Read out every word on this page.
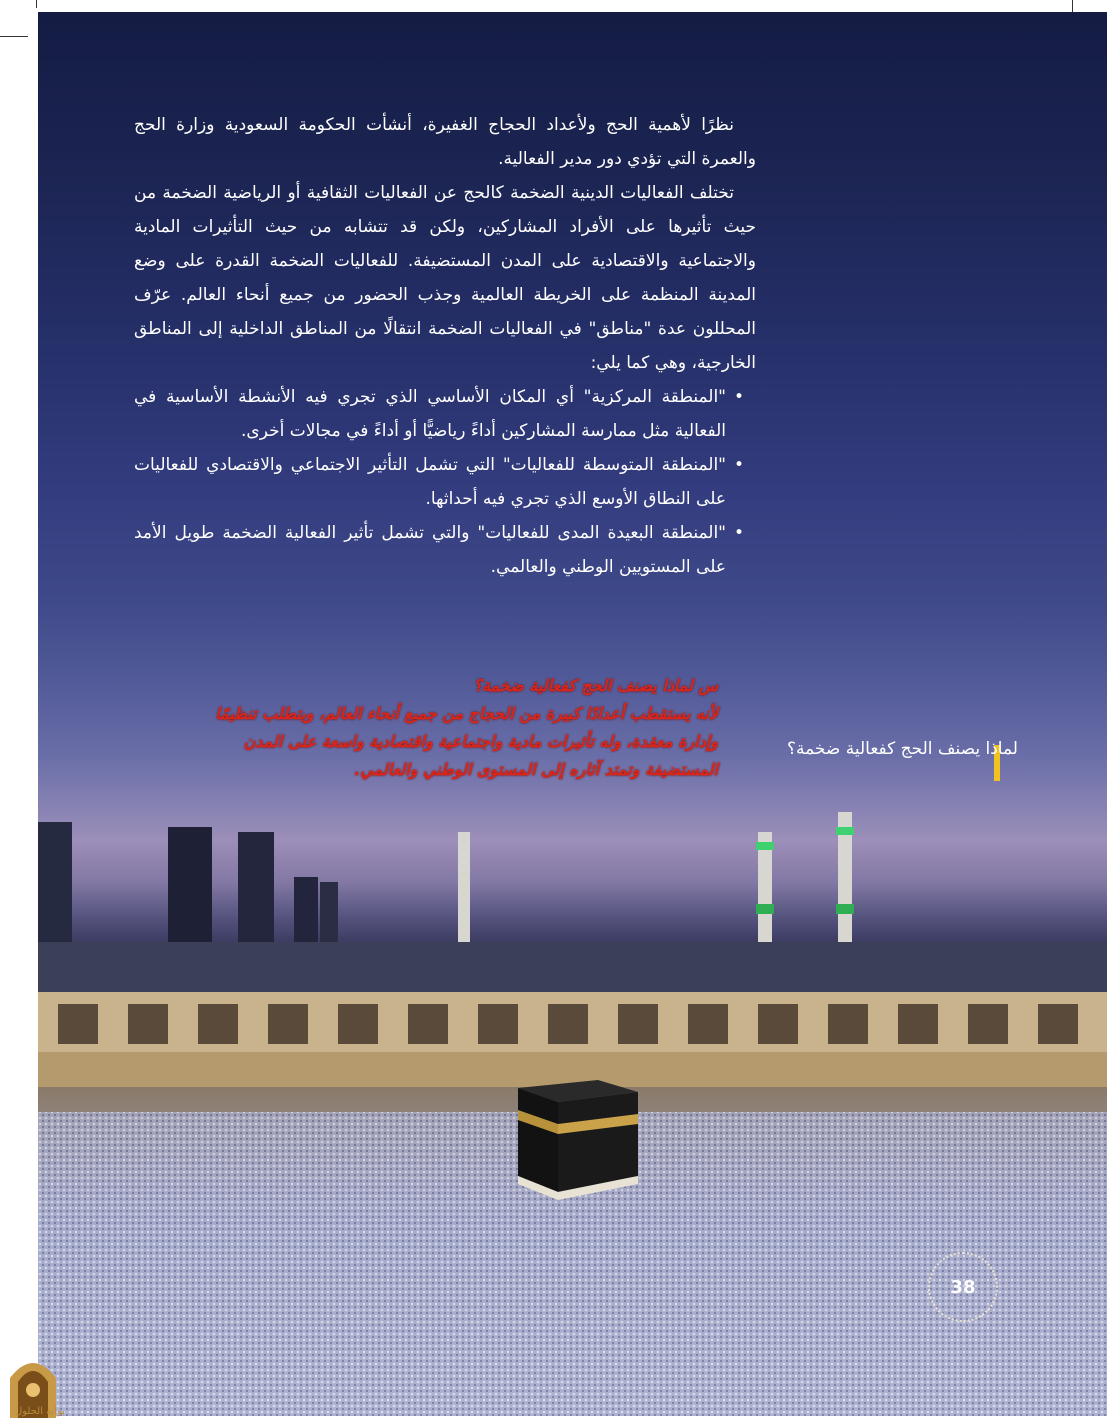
نظرًا لأهمية الحج ولأعداد الحجاج الغفيرة، أنشأت الحكومة السعودية وزارة الحج والعمرة التي تؤدي دور مدير الفعالية.

تختلف الفعاليات الدينية الضخمة كالحج عن الفعاليات الثقافية أو الرياضية الضخمة من حيث تأثيرها على الأفراد المشاركين، ولكن قد تتشابه من حيث التأثيرات المادية والاجتماعية والاقتصادية على المدن المستضيفة. للفعاليات الضخمة القدرة على وضع المدينة المنظمة على الخريطة العالمية وجذب الحضور من جميع أنحاء العالم. عرّف المحللون عدة "مناطق" في الفعاليات الضخمة انتقالًا من المناطق الداخلية إلى المناطق الخارجية، وهي كما يلي:

• "المنطقة المركزية" أي المكان الأساسي الذي تجري فيه الأنشطة الأساسية في الفعالية مثل ممارسة المشاركين أداءً رياضيًّا أو أداءً في مجالات أخرى.
• "المنطقة المتوسطة للفعاليات" التي تشمل التأثير الاجتماعي والاقتصادي للفعاليات على النطاق الأوسع الذي تجري فيه أحداثها.
• "المنطقة البعيدة المدى للفعاليات" والتي تشمل تأثير الفعالية الضخمة طويل الأمد على المستويين الوطني والعالمي.
س لماذا يصنف الحج كفعالية ضخمة؟
لأنه يستقطب أعدادًا كبيرة من الحجاج من جميع أنحاء العالم، ويتطلب تنظيمًا
وإدارة معقدة، وله تأثيرات مادية واجتماعية واقتصادية واسعة على المدن
المستضيفة وتمتد آثاره إلى المستوى الوطني والعالمي.
لماذا يصنف الحج كفعالية ضخمة؟
38
بوابة الحلول
